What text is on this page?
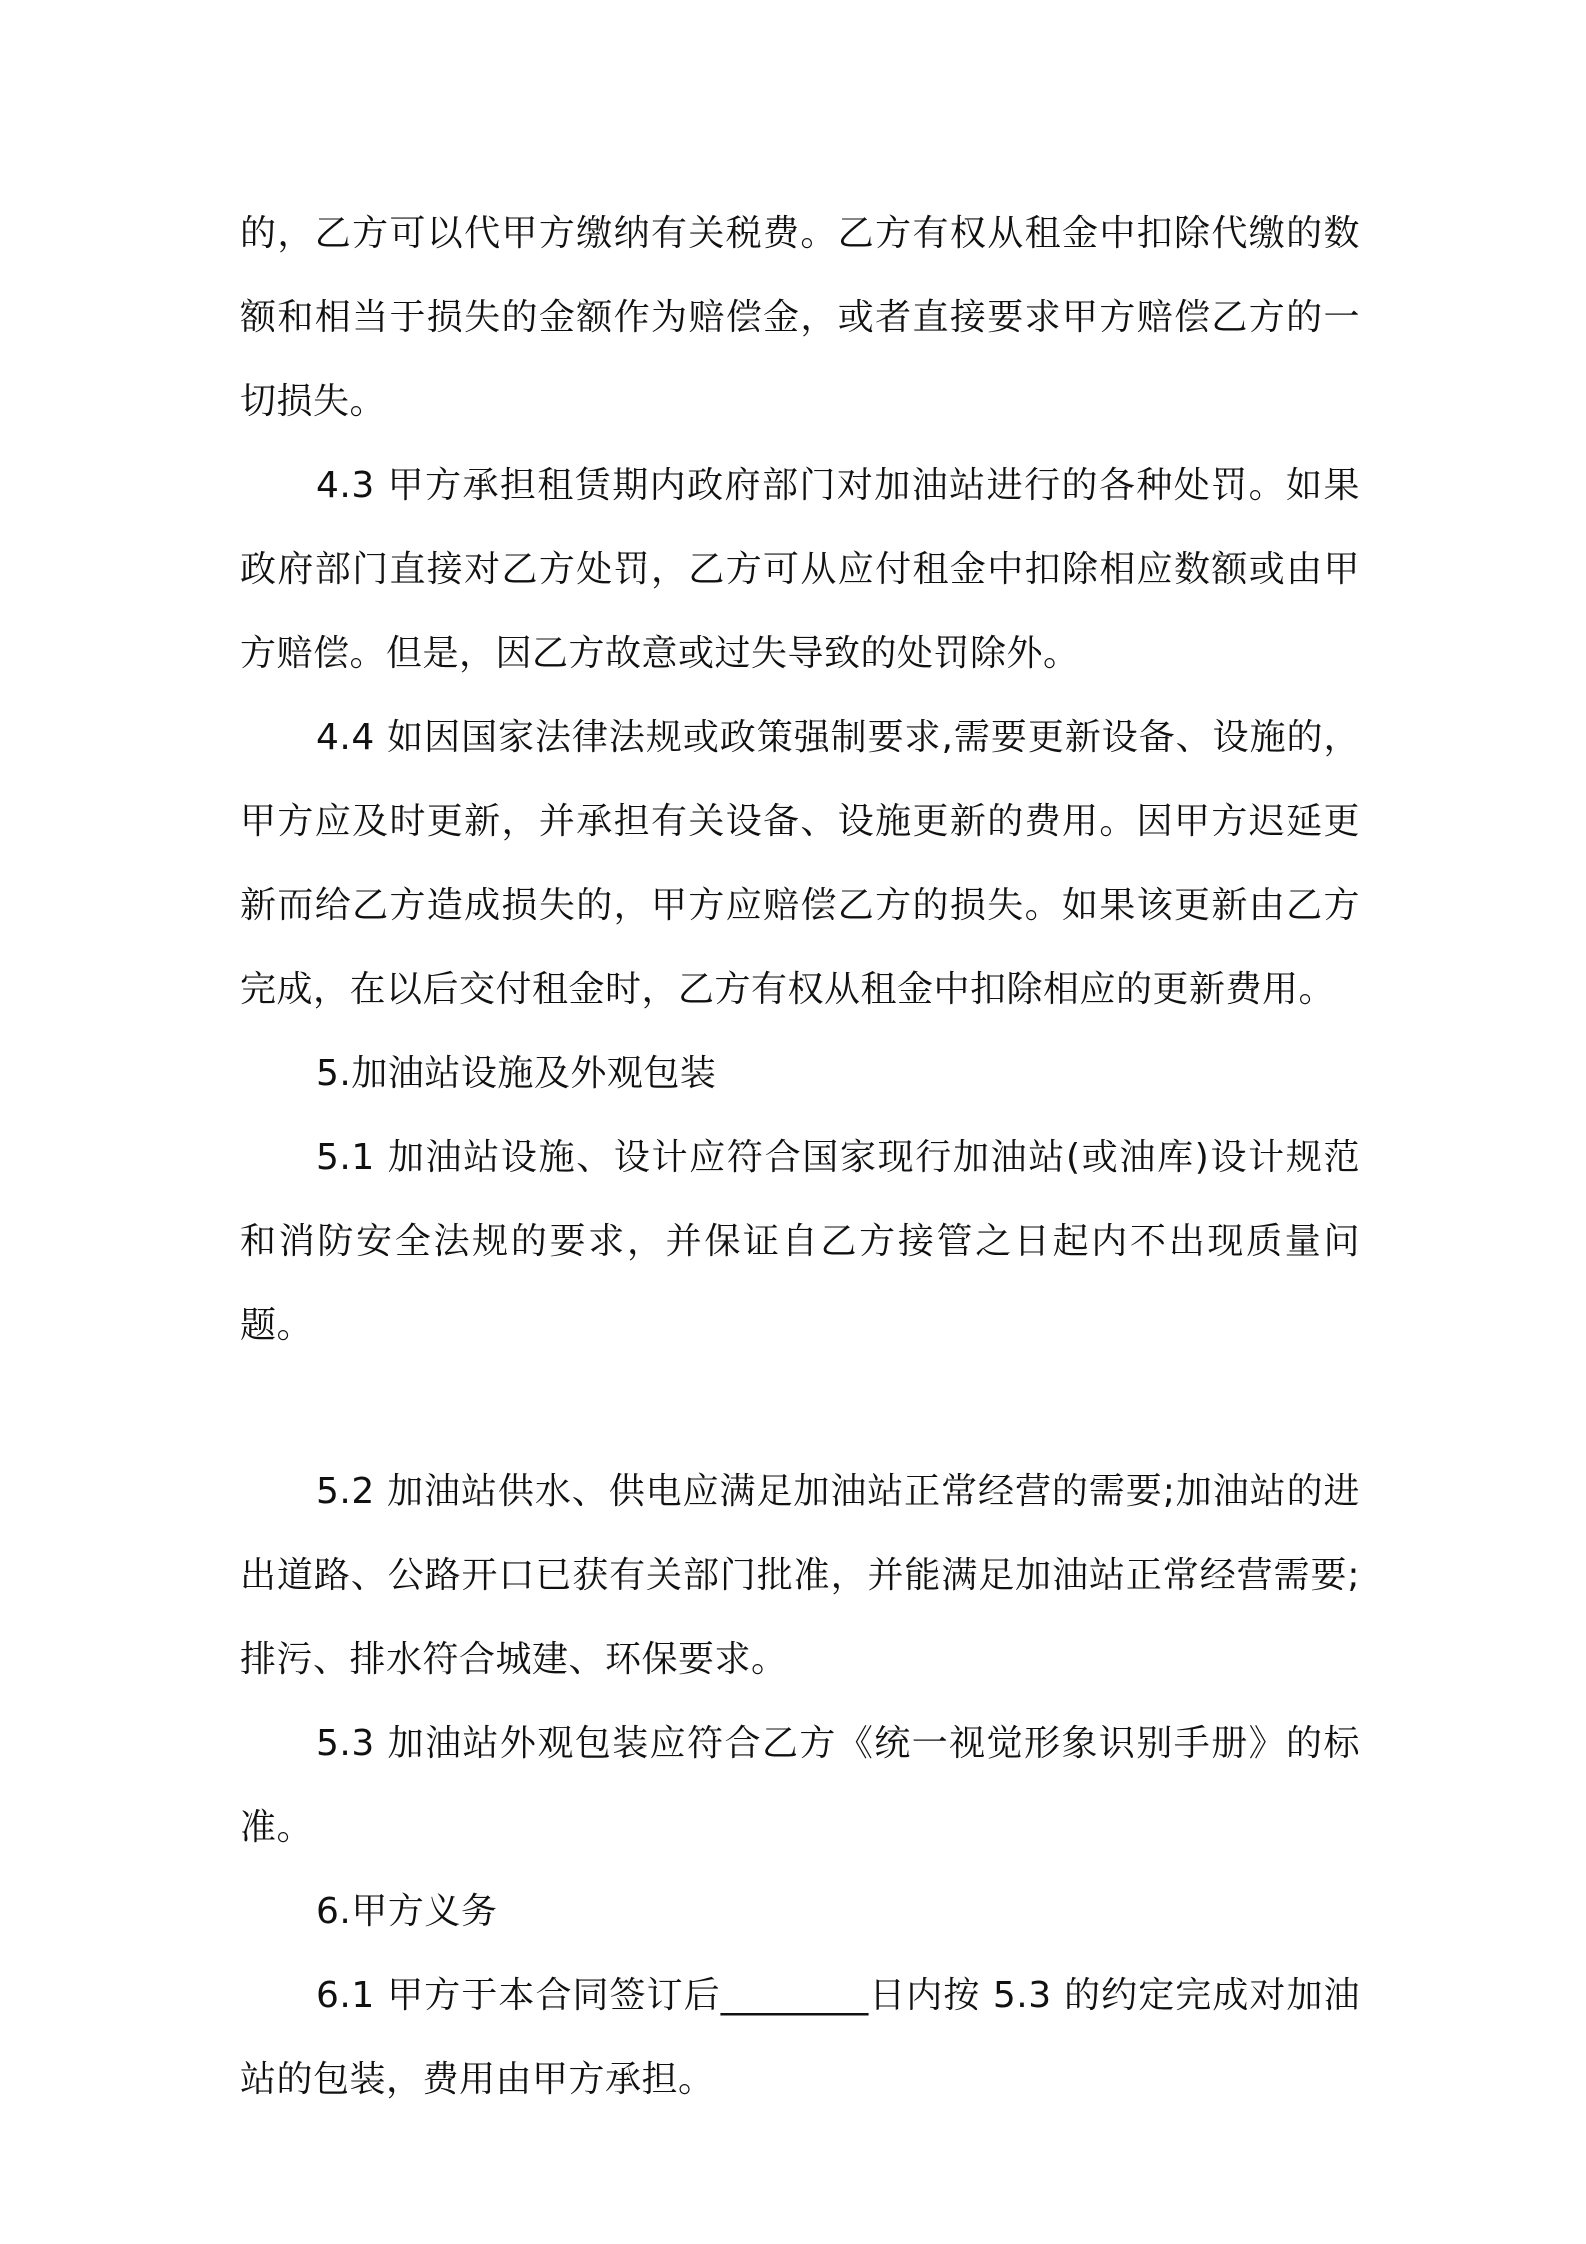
的，乙方可以代甲方缴纳有关税费。乙方有权从租金中扣除代缴的数额和相当于损失的金额作为赔偿金，或者直接要求甲方赔偿乙方的一切损失。

4.3 甲方承担租赁期内政府部门对加油站进行的各种处罚。如果政府部门直接对乙方处罚，乙方可从应付租金中扣除相应数额或由甲方赔偿。但是，因乙方故意或过失导致的处罚除外。

4.4 如因国家法律法规或政策强制要求,需要更新设备、设施的，甲方应及时更新，并承担有关设备、设施更新的费用。因甲方迟延更新而给乙方造成损失的，甲方应赔偿乙方的损失。如果该更新由乙方完成，在以后交付租金时，乙方有权从租金中扣除相应的更新费用。

5.加油站设施及外观包装

5.1 加油站设施、设计应符合国家现行加油站(或油库)设计规范和消防安全法规的要求，并保证自乙方接管之日起内不出现质量问题。

5.2 加油站供水、供电应满足加油站正常经营的需要;加油站的进出道路、公路开口已获有关部门批准，并能满足加油站正常经营需要;排污、排水符合城建、环保要求。

5.3 加油站外观包装应符合乙方《统一视觉形象识别手册》的标准。

6.甲方义务

6.1 甲方于本合同签订后________日内按 5.3 的约定完成对加油站的包装，费用由甲方承担。
